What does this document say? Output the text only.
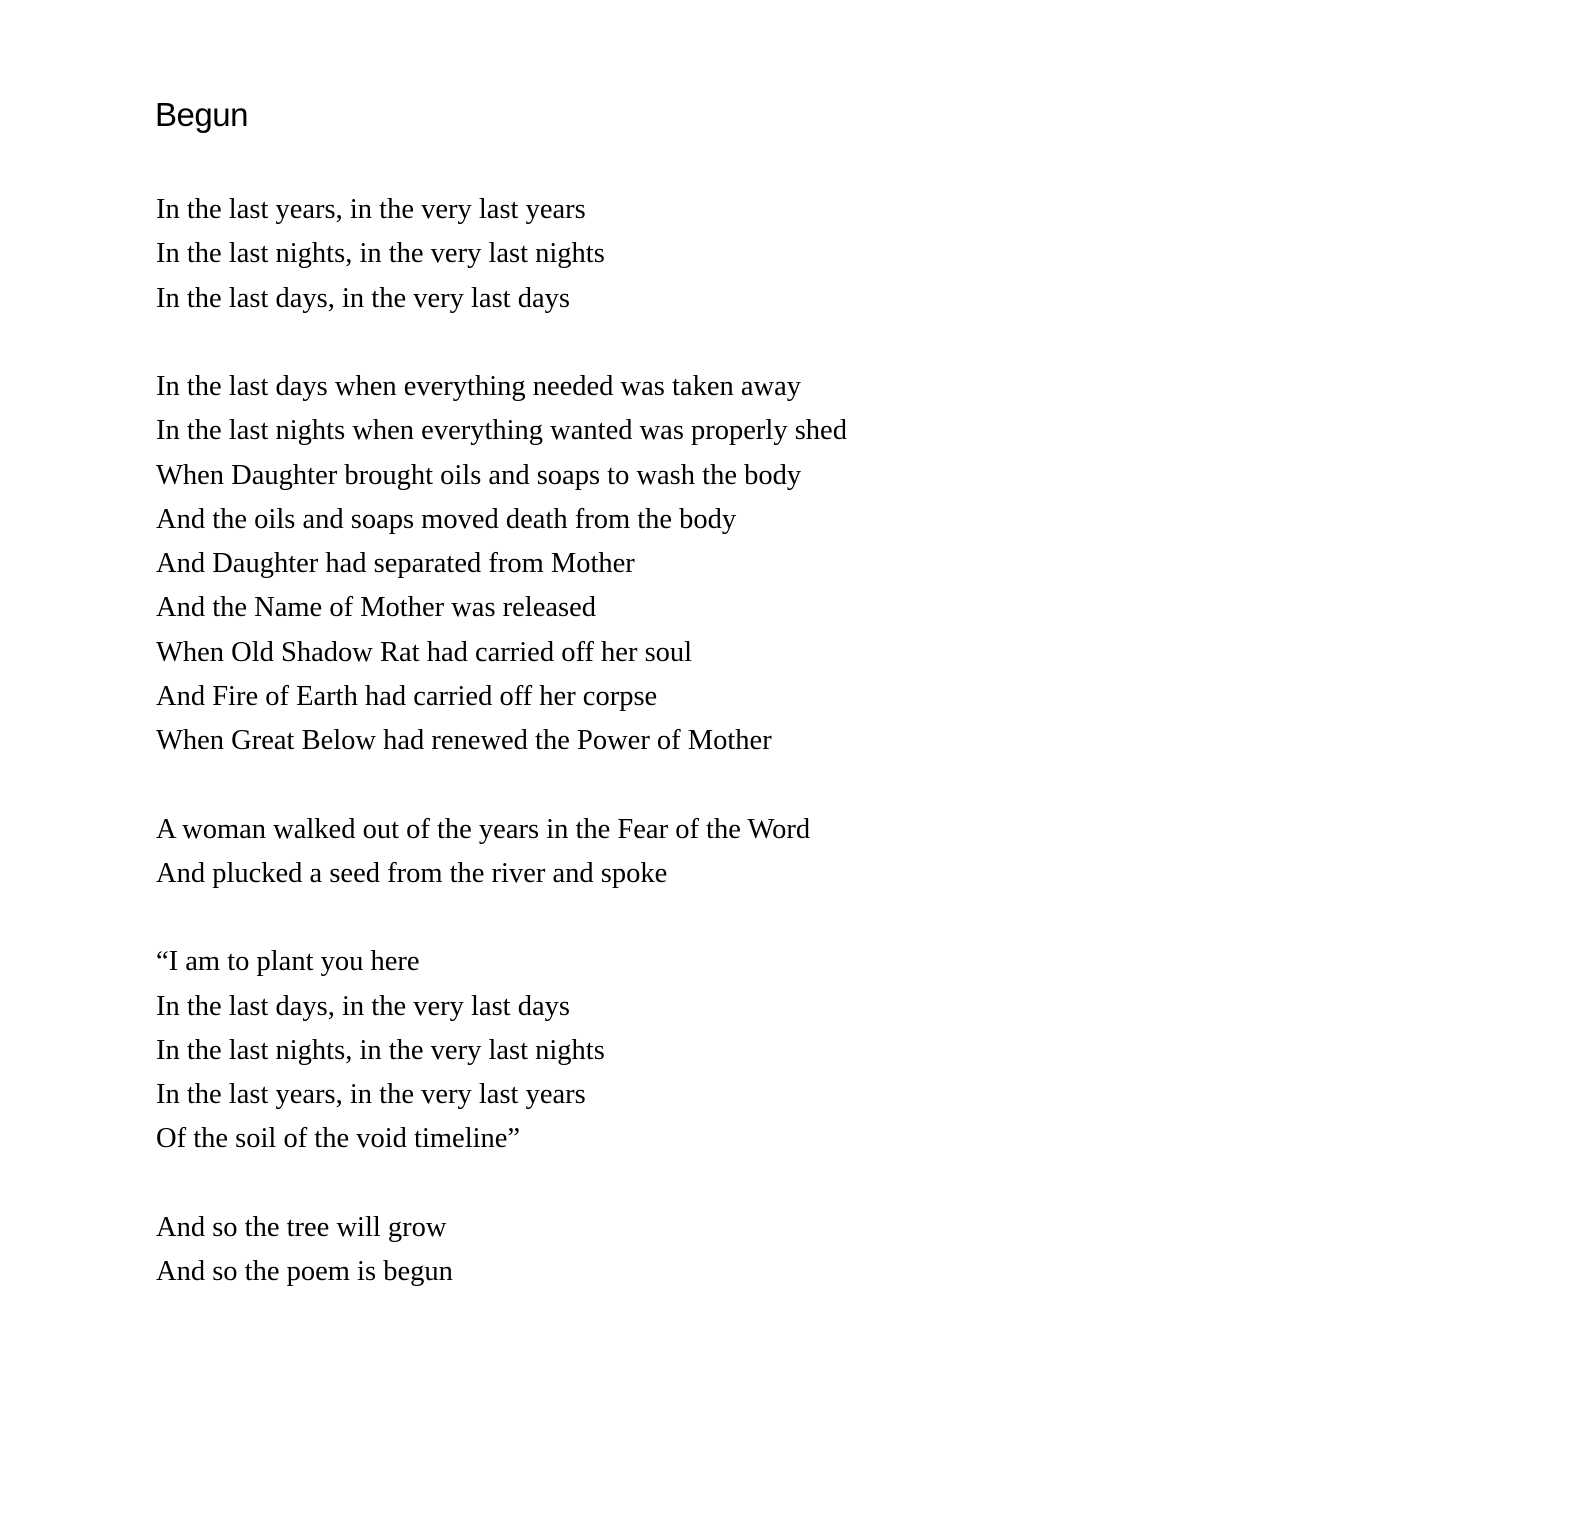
Begun
In the last years, in the very last years
In the last nights, in the very last nights
In the last days, in the very last days
In the last days when everything needed was taken away
In the last nights when everything wanted was properly shed
When Daughter brought oils and soaps to wash the body
And the oils and soaps moved death from the body
And Daughter had separated from Mother
And the Name of Mother was released
When Old Shadow Rat had carried off her soul
And Fire of Earth had carried off her corpse
When Great Below had renewed the Power of Mother
A woman walked out of the years in the Fear of the Word
And plucked a seed from the river and spoke
“I am to plant you here
In the last days, in the very last days
In the last nights, in the very last nights
In the last years, in the very last years
Of the soil of the void timeline”
And so the tree will grow
And so the poem is begun
